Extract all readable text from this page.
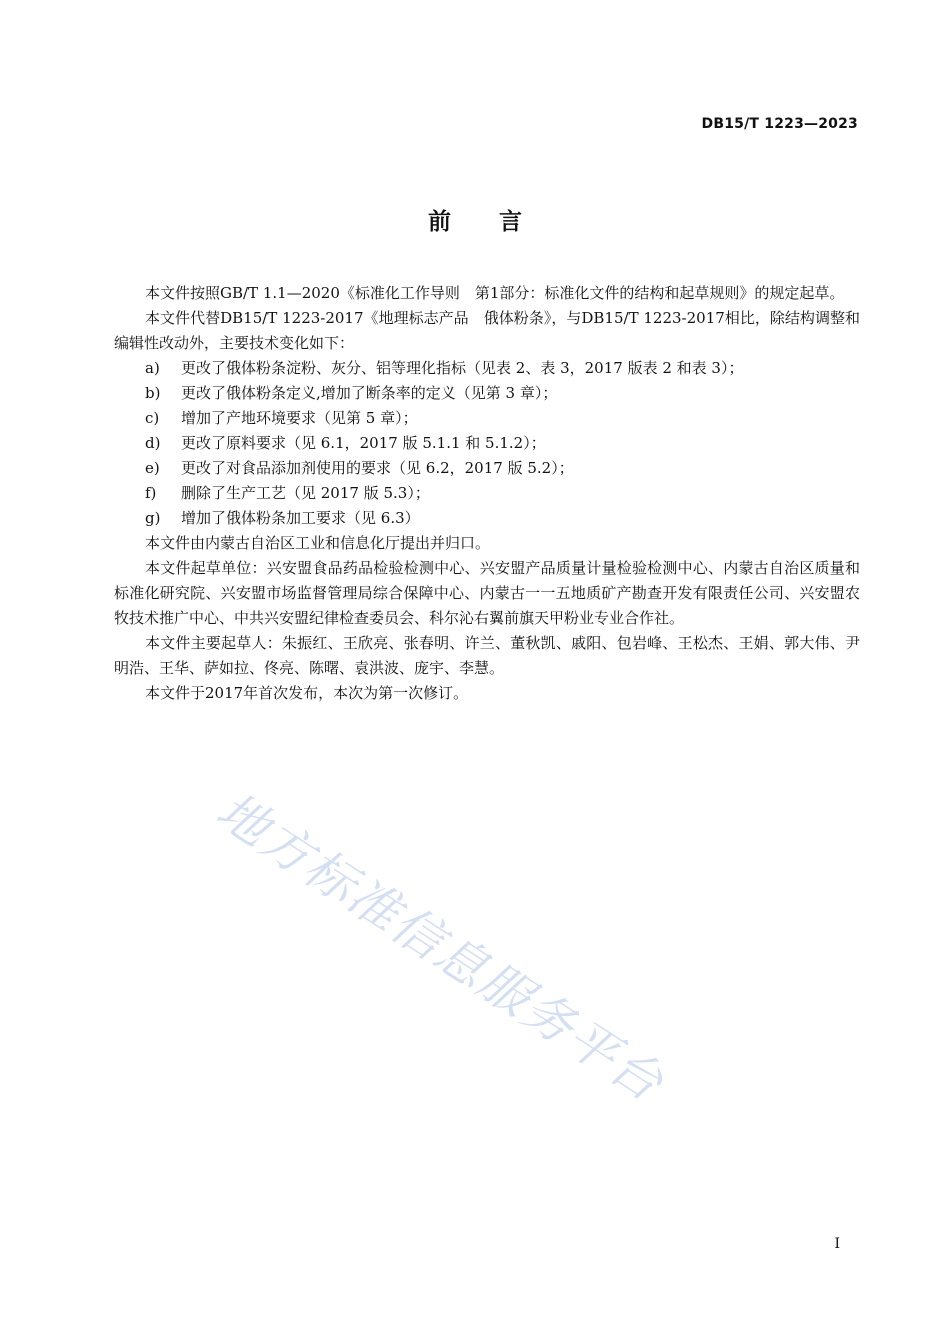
DB15/T 1223—2023
前 言

本文件按照GB/T 1.1—2020《标准化工作导则　第1部分：标准化文件的结构和起草规则》的规定起草。

本文件代替DB15/T 1223-2017《地理标志产品　俄体粉条》，与DB15/T 1223-2017相比，除结构调整和编辑性改动外，主要技术变化如下：

a) 更改了俄体粉条淀粉、灰分、铝等理化指标（见表 2、表 3，2017 版表 2 和表 3）；

b) 更改了俄体粉条定义,增加了断条率的定义（见第 3 章）；

c) 增加了产地环境要求（见第 5 章）；

d) 更改了原料要求（见 6.1，2017 版 5.1.1 和 5.1.2）；

e) 更改了对食品添加剂使用的要求（见 6.2，2017 版 5.2）；

f) 删除了生产工艺（见 2017 版 5.3）；

g) 增加了俄体粉条加工要求（见 6.3）

本文件由内蒙古自治区工业和信息化厅提出并归口。

本文件起草单位：兴安盟食品药品检验检测中心、兴安盟产品质量计量检验检测中心、内蒙古自治区质量和标准化研究院、兴安盟市场监督管理局综合保障中心、内蒙古一一五地质矿产勘查开发有限责任公司、兴安盟农牧技术推广中心、中共兴安盟纪律检查委员会、科尔沁右翼前旗天甲粉业专业合作社。

本文件主要起草人：朱振红、王欣亮、张春明、许兰、董秋凯、戚阳、包岩峰、王松杰、王娟、郭大伟、尹明浩、王华、萨如拉、佟亮、陈曙、袁洪波、庞宇、李慧。

本文件于2017年首次发布，本次为第一次修订。

地方标准信息服务平台
I
